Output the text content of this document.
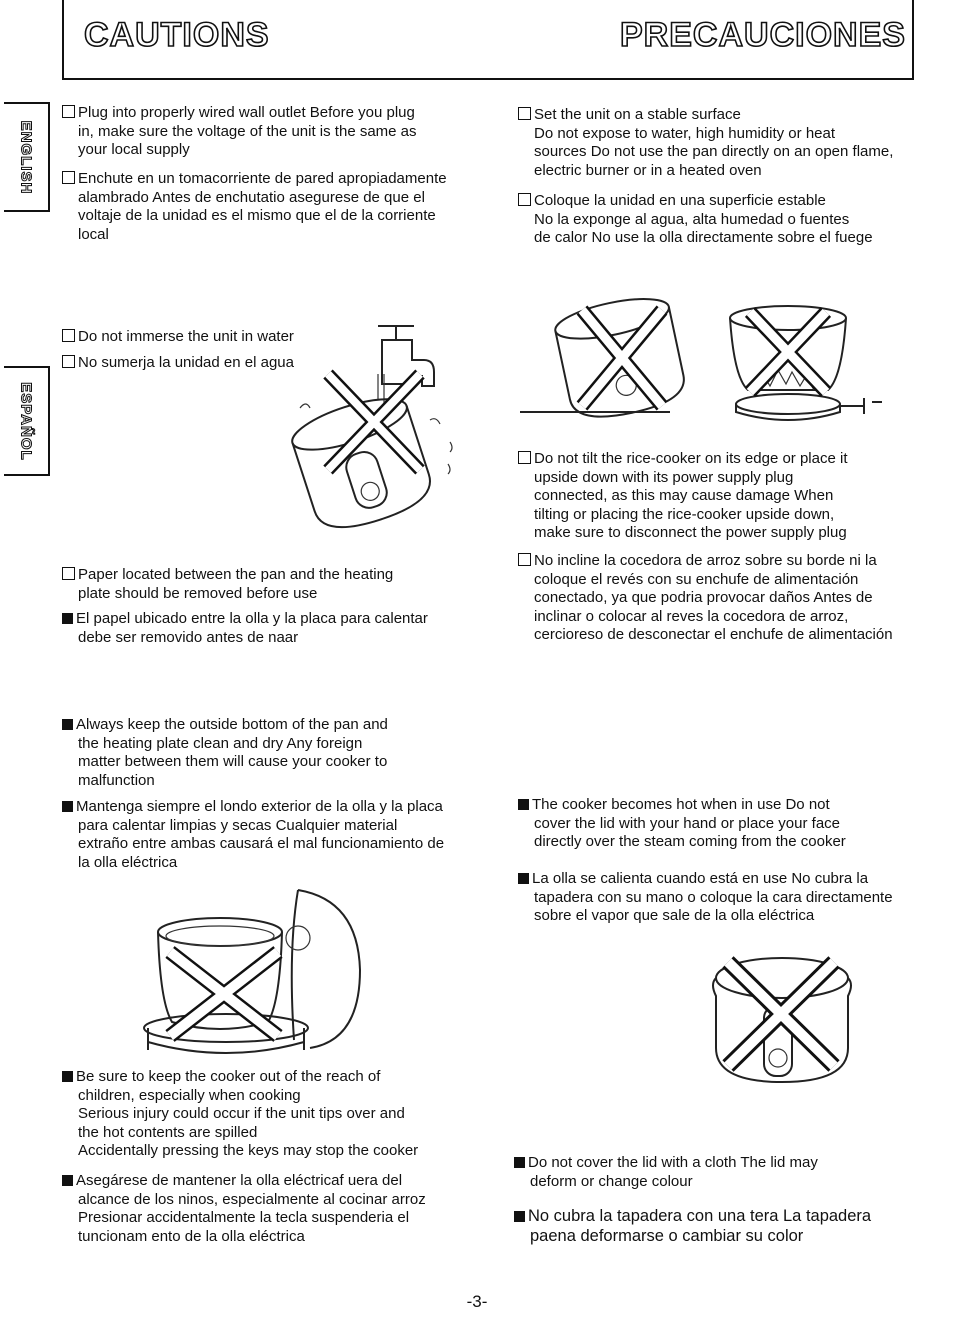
CAUTIONS	PRECAUCIONES
ENGLISH
ESPAÑOL
Plug into properly wired wall outlet Before you plug
in, make sure the voltage of the unit is the same as
your local supply
Enchute en un tomacorriente de pared apropiadamente
alambrado Antes de enchutatio asegurese de que el
voltaje de la unidad es el mismo que el de la corriente
local
Do not immerse the unit in water
No sumerja la unidad en el agua
Paper located between the pan and the heating
plate should be removed before use
El papel ubicado entre la olla y la placa para calentar
debe ser removido antes de naar
Always keep the outside bottom of the pan and
the heating plate clean and dry Any foreign
matter between them will cause your cooker to
malfunction
Mantenga siempre el londo exterior de la olla y la placa
para calentar limpias y secas Cualquier material
extraño entre ambas causará el mal funcionamiento de
la olla eléctrica
Be sure to keep the cooker out of the reach of
children, especially when cooking
Serious injury could occur if the unit tips over and
the hot contents are spilled
Accidentally pressing the keys may stop the cooker
Asegárese de mantener la olla eléctricaf uera del
alcance de los ninos, especialmente al cocinar arroz
Presionar accidentalmente la tecla suspenderia el
tuncionam ento de la olla eléctrica
Set the unit on a stable surface
Do not expose to water, high humidity or heat
sources Do not use the pan directly on an open flame,
electric burner or in a heated oven
Coloque la unidad en una superficie estable
No la exponge al agua, alta humedad o fuentes
de calor No use la olla directamente sobre el fuege
Do not tilt the rice-cooker on its edge or place it
upside down with its power supply plug
connected, as this may cause damage When
tilting or placing the rice-cooker upside down,
make sure to disconnect the power supply plug
No incline la cocedora de arroz sobre su borde ni la
coloque el revés con su enchufe de alimentación
conectado, ya que podria provocar daños Antes de
inclinar o colocar al reves la cocedora de arroz,
cercioreso de desconectar el enchufe de alimentación
The cooker becomes hot when in use Do not
cover the lid with your hand or place your face
directly over the steam coming from the cooker
La olla se calienta cuando está en use No cubra la
tapadera con su mano o coloque la cara directamente
sobre el vapor que sale de la olla eléctrica
Do not cover the lid with a cloth The lid may
deform or change colour
No cubra la tapadera con una tera La tapadera
paena deformarse o cambiar su color
-3-
